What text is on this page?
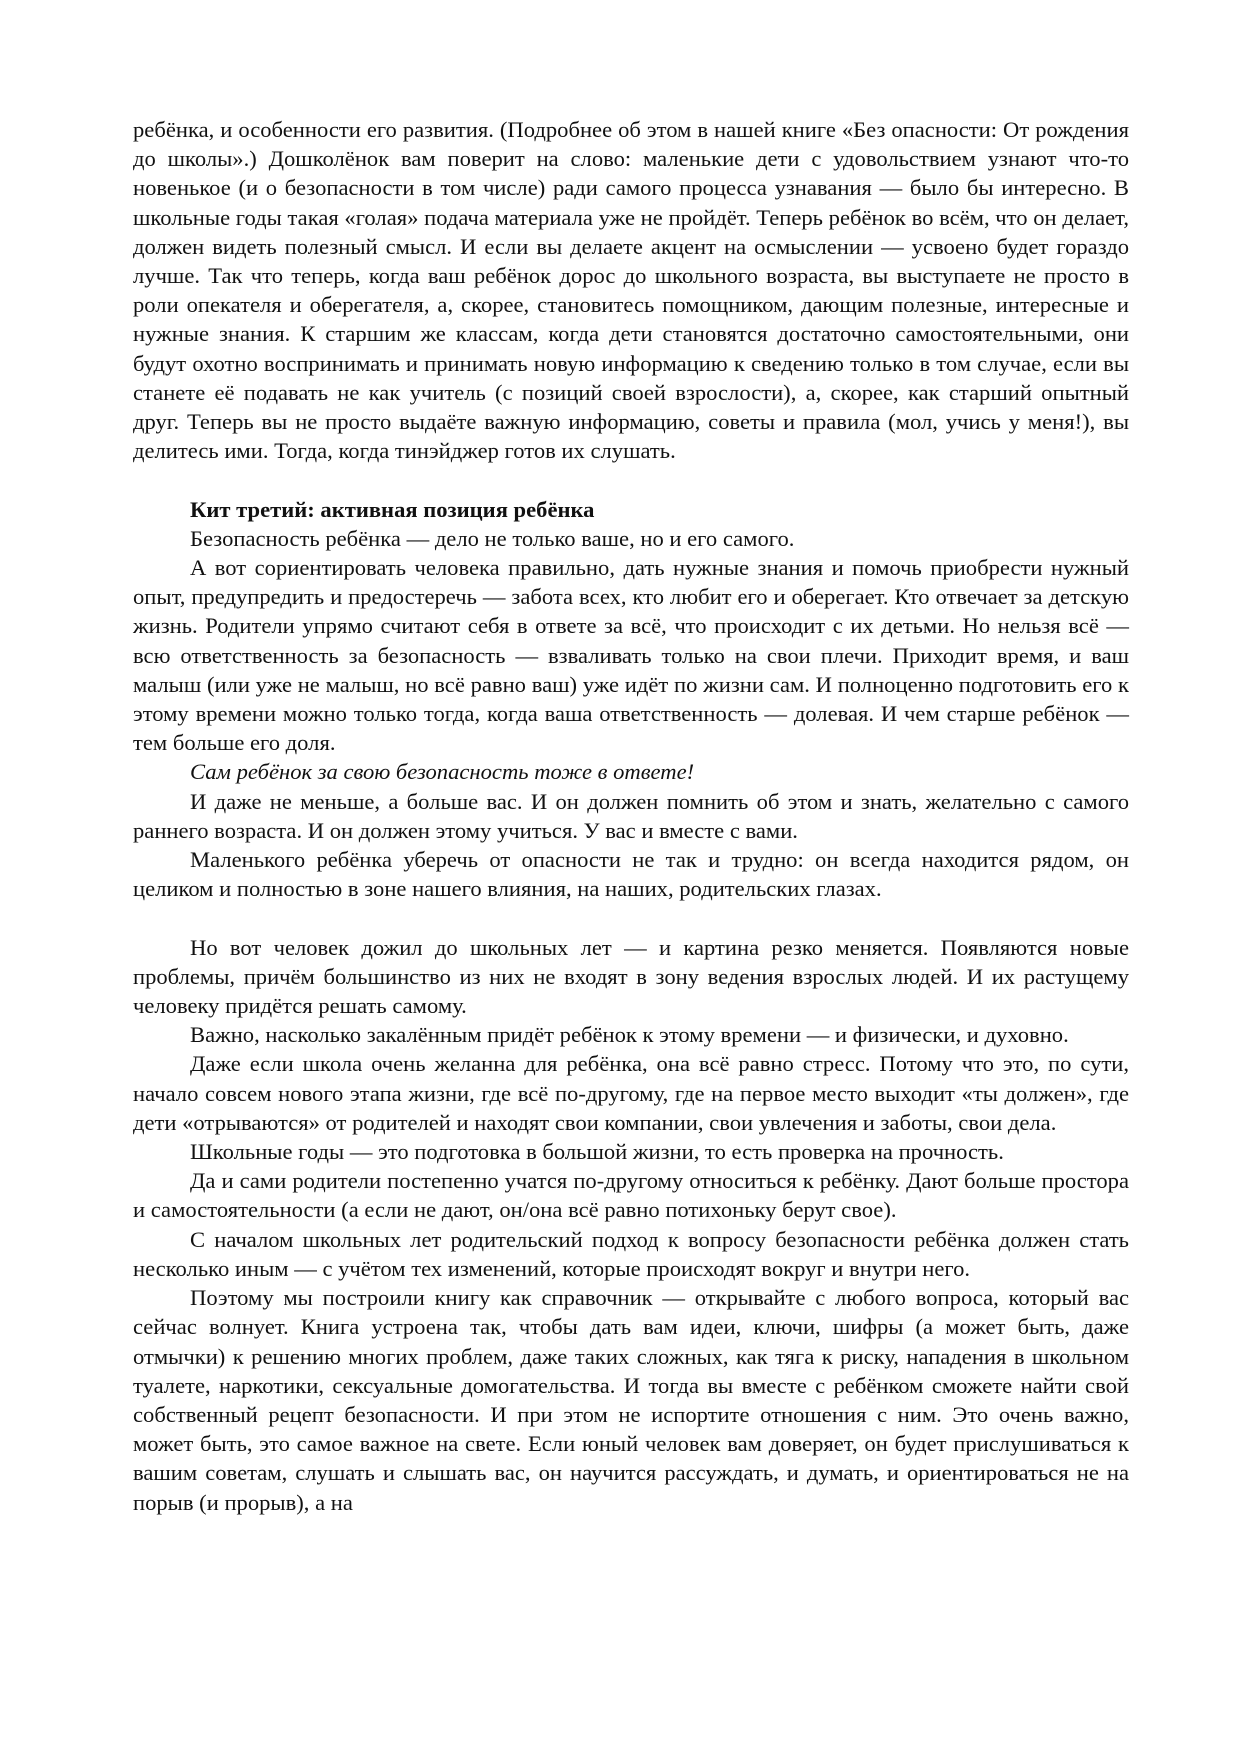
ребёнка, и особенности его развития. (Подробнее об этом в нашей книге «Без опасности: От рождения до школы».) Дошколёнок вам поверит на слово: маленькие дети с удовольствием узнают что-то новенькое (и о безопасности в том числе) ради самого процесса узнавания — было бы интересно. В школьные годы такая «голая» подача материала уже не пройдёт. Теперь ребёнок во всём, что он делает, должен видеть полезный смысл. И если вы делаете акцент на осмыслении — усвоено будет гораздо лучше. Так что теперь, когда ваш ребёнок дорос до школьного возраста, вы выступаете не просто в роли опекателя и оберегателя, а, скорее, становитесь помощником, дающим полезные, интересные и нужные знания. К старшим же классам, когда дети становятся достаточно самостоятельными, они будут охотно воспринимать и принимать новую информацию к сведению только в том случае, если вы станете её подавать не как учитель (с позиций своей взрослости), а, скорее, как старший опытный друг. Теперь вы не просто выдаёте важную информацию, советы и правила (мол, учись у меня!), вы делитесь ими. Тогда, когда тинэйджер готов их слушать.

Кит третий: активная позиция ребёнка

Безопасность ребёнка — дело не только ваше, но и его самого.

А вот сориентировать человека правильно, дать нужные знания и помочь приобрести нужный опыт, предупредить и предостеречь — забота всех, кто любит его и оберегает. Кто отвечает за детскую жизнь. Родители упрямо считают себя в ответе за всё, что происходит с их детьми. Но нельзя всё — всю ответственность за безопасность — взваливать только на свои плечи. Приходит время, и ваш малыш (или уже не малыш, но всё равно ваш) уже идёт по жизни сам. И полноценно подготовить его к этому времени можно только тогда, когда ваша ответственность — долевая. И чем старше ребёнок — тем больше его доля.

Сам ребёнок за свою безопасность тоже в ответе!

И даже не меньше, а больше вас. И он должен помнить об этом и знать, желательно с самого раннего возраста. И он должен этому учиться. У вас и вместе с вами.

Маленького ребёнка уберечь от опасности не так и трудно: он всегда находится рядом, он целиком и полностью в зоне нашего влияния, на наших, родительских глазах.

Но вот человек дожил до школьных лет — и картина резко меняется. Появляются новые проблемы, причём большинство из них не входят в зону ведения взрослых людей. И их растущему человеку придётся решать самому.

Важно, насколько закалённым придёт ребёнок к этому времени — и физически, и духовно.

Даже если школа очень желанна для ребёнка, она всё равно стресс. Потому что это, по сути, начало совсем нового этапа жизни, где всё по-другому, где на первое место выходит «ты должен», где дети «отрываются» от родителей и находят свои компании, свои увлечения и заботы, свои дела.

Школьные годы — это подготовка в большой жизни, то есть проверка на прочность.

Да и сами родители постепенно учатся по-другому относиться к ребёнку. Дают больше простора и самостоятельности (а если не дают, он/она всё равно потихоньку берут свое).

С началом школьных лет родительский подход к вопросу безопасности ребёнка должен стать несколько иным — с учётом тех изменений, которые происходят вокруг и внутри него.

Поэтому мы построили книгу как справочник — открывайте с любого вопроса, который вас сейчас волнует. Книга устроена так, чтобы дать вам идеи, ключи, шифры (а может быть, даже отмычки) к решению многих проблем, даже таких сложных, как тяга к риску, нападения в школьном туалете, наркотики, сексуальные домогательства. И тогда вы вместе с ребёнком сможете найти свой собственный рецепт безопасности. И при этом не испортите отношения с ним. Это очень важно, может быть, это самое важное на свете. Если юный человек вам доверяет, он будет прислушиваться к вашим советам, слушать и слышать вас, он научится рассуждать, и думать, и ориентироваться не на порыв (и прорыв), а на
